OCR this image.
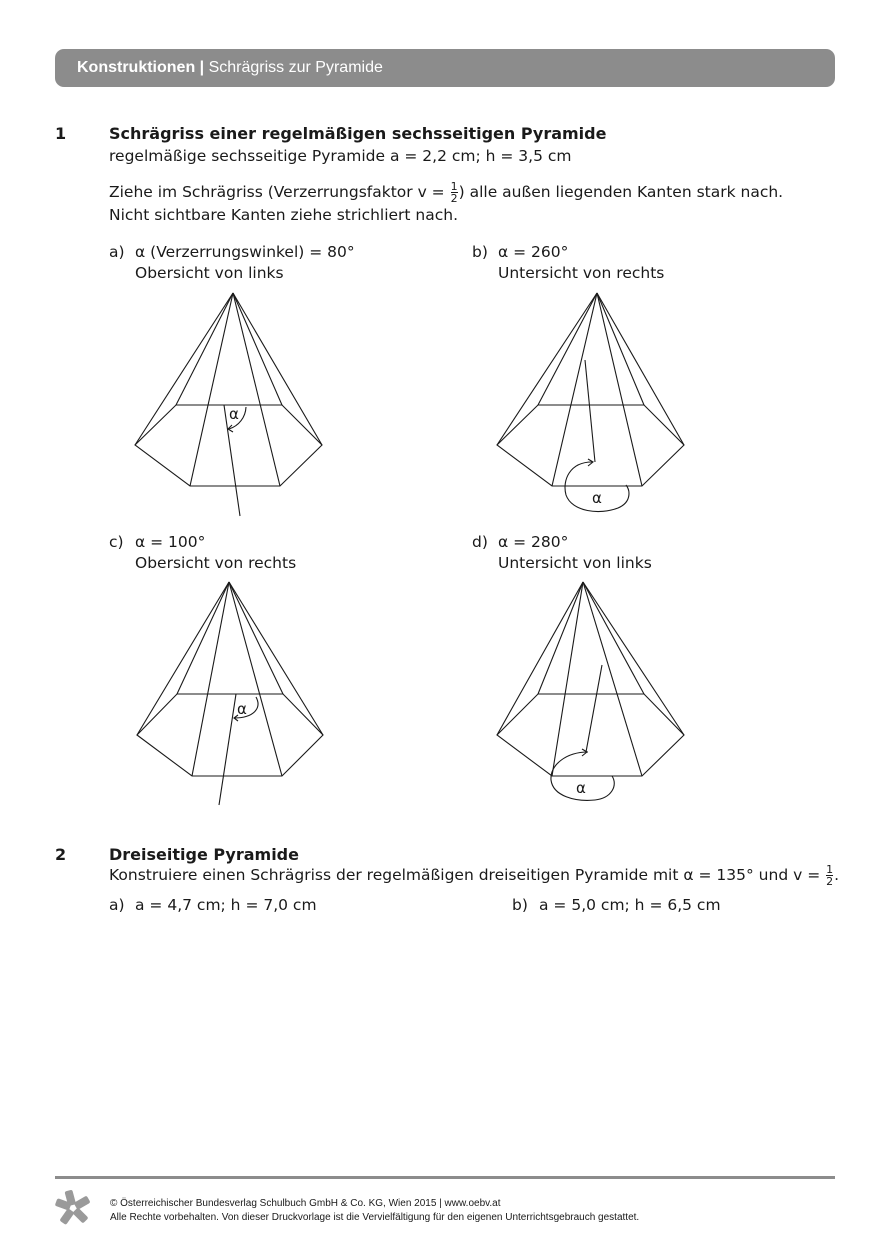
Konstruktionen | Schrägriss zur Pyramide
1	Schrägriss einer regelmäßigen sechsseitigen Pyramide
regelmäßige sechsseitige Pyramide a = 2,2 cm; h = 3,5 cm
Ziehe im Schrägriss (Verzerrungsfaktor $v = \frac{1}{2}$ ) alle außen liegenden Kanten stark nach.
Nicht sichtbare Kanten ziehe strichliert nach.
a) α (Verzerrungswinkel) = 80°
Obersicht von links
b) α = 260°
Untersicht von rechts
c) α = 100°
Obersicht von rechts
d) α = 280°
Untersicht von links
α
α
α
α
2	Dreiseitige Pyramide
Konstruiere einen Schrägriss der regelmäßigen dreiseitigen Pyramide mit α = 135° und $v = \frac{1}{2}$ .
a) a = 4,7 cm; h = 7,0 cm	b) a = 5,0 cm; h = 6,5 cm
© Österreichischer Bundesverlag Schulbuch GmbH & Co. KG, Wien 2015 | www.oebv.at
Alle Rechte vorbehalten. Von dieser Druckvorlage ist die Vervielfältigung für den eigenen Unterrichtsgebrauch gestattet.
